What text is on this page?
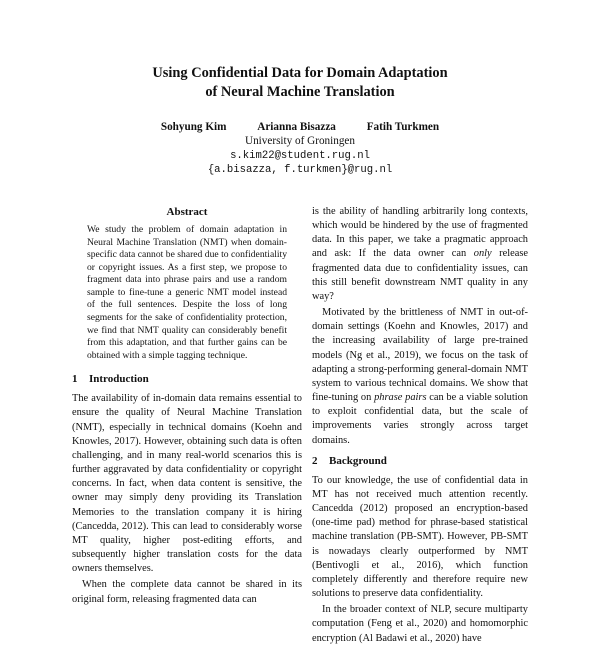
Using Confidential Data for Domain Adaptation
of Neural Machine Translation
Sohyung Kim	Arianna Bisazza	Fatih Turkmen
University of Groningen
s.kim22@student.rug.nl
{a.bisazza, f.turkmen}@rug.nl
Abstract

We study the problem of domain adaptation in Neural Machine Translation (NMT) when domain-specific data cannot be shared due to confidentiality or copyright issues. As a first step, we propose to fragment data into phrase pairs and use a random sample to fine-tune a generic NMT model instead of the full sentences. Despite the loss of long segments for the sake of confidentiality protection, we find that NMT quality can considerably benefit from this adaptation, and that further gains can be obtained with a simple tagging technique.

1 Introduction

The availability of in-domain data remains essential to ensure the quality of Neural Machine Translation (NMT), especially in technical domains (Koehn and Knowles, 2017). However, obtaining such data is often challenging, and in many real-world scenarios this is further aggravated by data confidentiality or copyright concerns. In fact, when data content is sensitive, the owner may simply deny providing its Translation Memories to the translation company it is hiring (Cancedda, 2012). This can lead to considerably worse MT quality, higher post-editing efforts, and subsequently higher translation costs for the data owners themselves.

When the complete data cannot be shared in its original form, releasing fragmented data can

is the ability of handling arbitrarily long contexts, which would be hindered by the use of fragmented data. In this paper, we take a pragmatic approach and ask: If the data owner can only release fragmented data due to confidentiality issues, can this still benefit downstream NMT quality in any way?

Motivated by the brittleness of NMT in out-of-domain settings (Koehn and Knowles, 2017) and the increasing availability of large pre-trained models (Ng et al., 2019), we focus on the task of adapting a strong-performing general-domain NMT system to various technical domains. We show that fine-tuning on phrase pairs can be a viable solution to exploit confidential data, but the scale of improvements varies strongly across target domains.

2 Background

To our knowledge, the use of confidential data in MT has not received much attention recently. Cancedda (2012) proposed an encryption-based (one-time pad) method for phrase-based statistical machine translation (PB-SMT). However, PB-SMT is nowadays clearly outperformed by NMT (Bentivogli et al., 2016), which function completely differently and therefore require new solutions to preserve data confidentiality.

In the broader context of NLP, secure multiparty computation (Feng et al., 2020) and homomorphic encryption (Al Badawi et al., 2020) have
